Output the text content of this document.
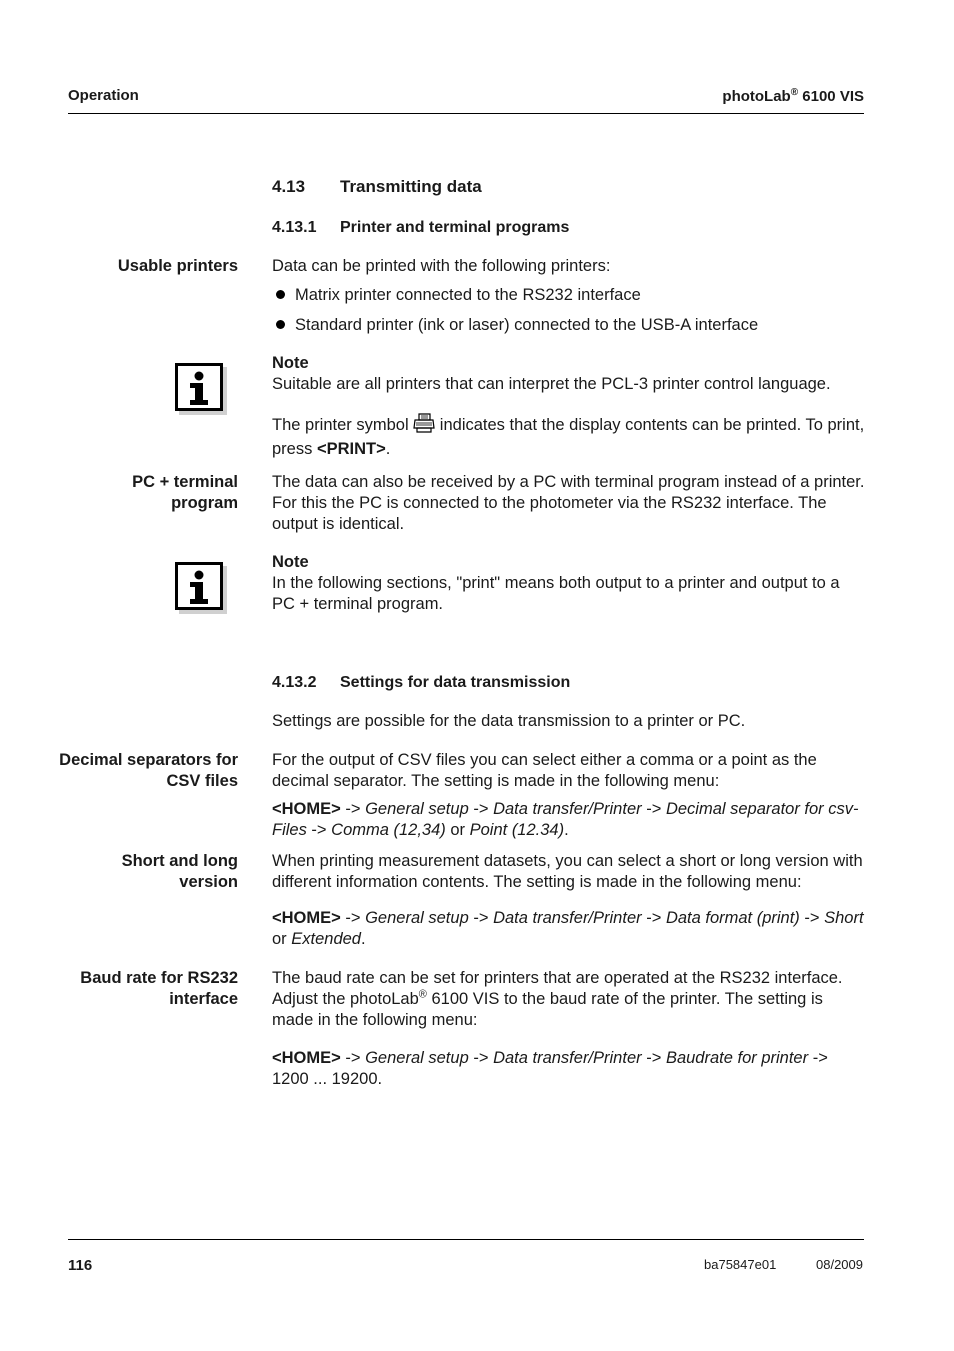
Operation	photoLab® 6100 VIS
4.13 Transmitting data
4.13.1 Printer and terminal programs
Usable printers Data can be printed with the following printers:
Matrix printer connected to the RS232 interface
Standard printer (ink or laser) connected to the USB-A interface
Note
Suitable are all printers that can interpret the PCL-3 printer control language.
The printer symbol  indicates that the display contents can be printed. To print, press <PRINT>.
PC + terminal program
The data can also be received by a PC with terminal program instead of a printer. For this the PC is connected to the photometer via the RS232 interface. The output is identical.
Note
In the following sections, "print" means both output to a printer and output to a PC + terminal program.
4.13.2 Settings for data transmission
Settings are possible for the data transmission to a printer or PC.
Decimal separators for CSV files
For the output of CSV files you can select either a comma or a point as the decimal separator. The setting is made in the following menu:
<HOME> -> General setup -> Data transfer/Printer -> Decimal separator for csv-Files -> Comma (12,34) or Point (12.34).
Short and long version
When printing measurement datasets, you can select a short or long version with different information contents. The setting is made in the following menu:
<HOME> -> General setup -> Data transfer/Printer -> Data format (print) -> Short or Extended.
Baud rate for RS232 interface
The baud rate can be set for printers that are operated at the RS232 interface. Adjust the photoLab® 6100 VIS to the baud rate of the printer. The setting is made in the following menu:
<HOME> -> General setup -> Data transfer/Printer -> Baudrate for printer -> 1200 ... 19200.
116	ba75847e01	08/2009
